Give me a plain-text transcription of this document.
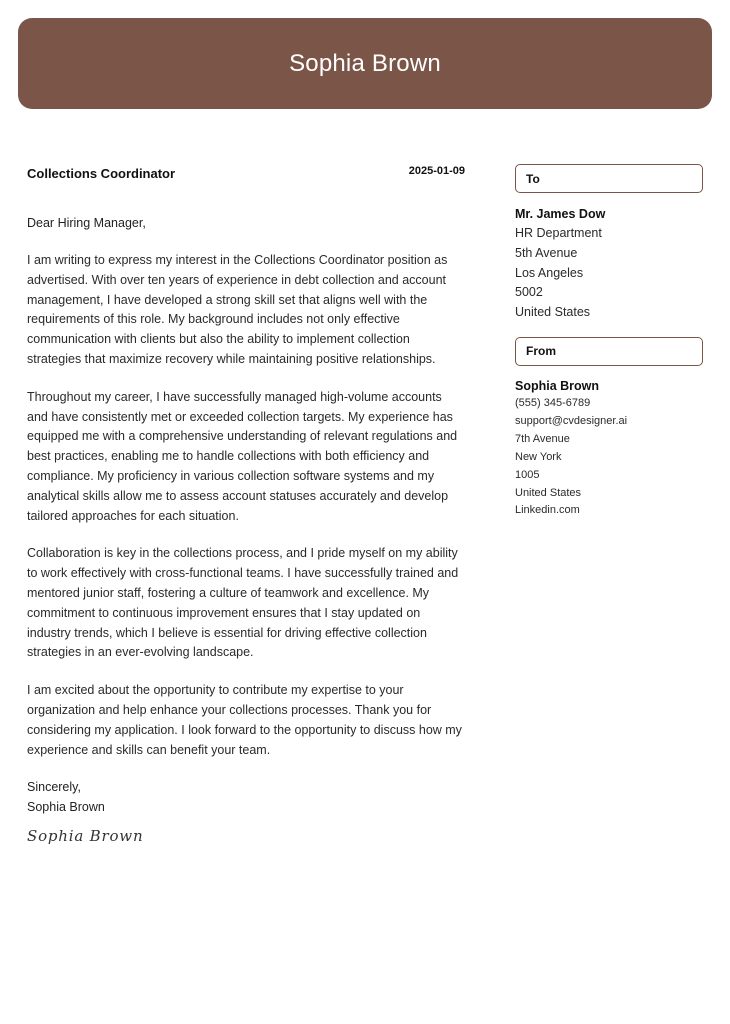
Sophia Brown
Collections Coordinator	2025-01-09
Dear Hiring Manager,
I am writing to express my interest in the Collections Coordinator position as advertised. With over ten years of experience in debt collection and account management, I have developed a strong skill set that aligns well with the requirements of this role. My background includes not only effective communication with clients but also the ability to implement collection strategies that maximize recovery while maintaining positive relationships.
Throughout my career, I have successfully managed high-volume accounts and have consistently met or exceeded collection targets. My experience has equipped me with a comprehensive understanding of relevant regulations and best practices, enabling me to handle collections with both efficiency and compliance. My proficiency in various collection software systems and my analytical skills allow me to assess account statuses accurately and develop tailored approaches for each situation.
Collaboration is key in the collections process, and I pride myself on my ability to work effectively with cross-functional teams. I have successfully trained and mentored junior staff, fostering a culture of teamwork and excellence. My commitment to continuous improvement ensures that I stay updated on industry trends, which I believe is essential for driving effective collection strategies in an ever-evolving landscape.
I am excited about the opportunity to contribute my expertise to your organization and help enhance your collections processes. Thank you for considering my application. I look forward to the opportunity to discuss how my experience and skills can benefit your team.
Sincerely,
Sophia Brown
Sophia Brown
To
Mr. James Dow
HR Department
5th Avenue
Los Angeles
5002
United States
From
Sophia Brown
(555) 345-6789
support@cvdesigner.ai
7th Avenue
New York
1005
United States
Linkedin.com
